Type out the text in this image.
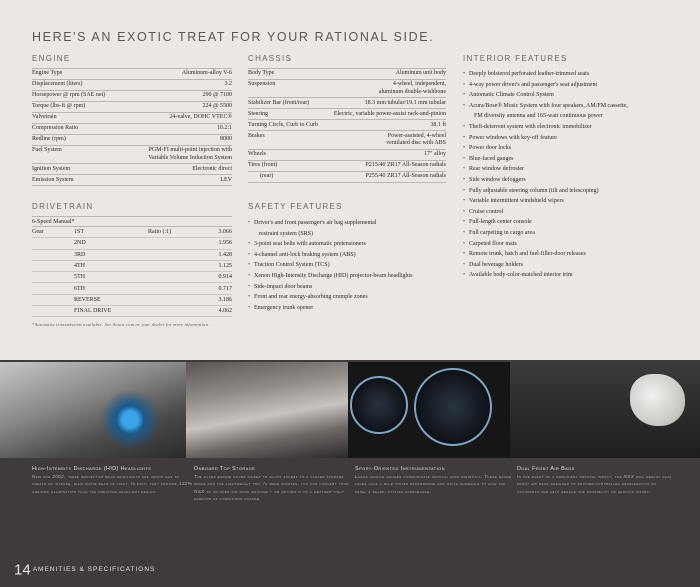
HERE'S AN EXOTIC TREAT FOR YOUR RATIONAL SIDE.
ENGINE
Engine Type	Aluminum-alloy V-6
Displacement (liters)	3.2
Horsepower @ rpm (SAE net)	290 @ 7100
Torque (lbs-ft @ rpm)	224 @ 5500
Valvetrain	24-valve, DOHC VTEC®
Compression Ratio	10.2:1
Redline (rpm)	8000
Fuel System	PGM-FI multi-point injection with
Variable Volume Induction System
Ignition System	Electronic direct
Emission System	LEV
DRIVETRAIN
6-Speed Manual*
Gear	1ST	Ratio (:1)	3.066
2ND	1.956
3RD	1.428
4TH	1.125
5TH	0.914
6TH	0.717
REVERSE	3.186
FINAL DRIVE	4.062
*Automatic transmission available. See Acura.com or your dealer for more information.
CHASSIS
Body Type	Aluminum unit body
Suspension	4-wheel, independent,
aluminum double-wishbone
Stabilizer Bar (front/rear)	18.3 mm tubular/19.1 mm tubular
Steering	Electric, variable power-assist rack-and-pinion
Turning Circle, Curb to Curb	38.1 ft
Brakes	Power-assisted, 4-wheel
ventilated disc with ABS
Wheels	17" alloy
Tires (front)	P215/40 ZR17 All-Season radials
(rear)	P255/40 ZR17 All-Season radials
SAFETY FEATURES
• Driver's and front passenger's air bag supplemental
restraint system (SRS)
• 3-point seat belts with automatic pretensioners
• 4-channel anti-lock braking system (ABS)
• Traction Control System (TCS)
• Xenon High-Intensity Discharge (HID) projector-beam headlights
• Side-impact door beams
• Front and rear energy-absorbing crumple zones
• Emergency trunk opener
INTERIOR FEATURES
• Deeply bolstered perforated leather-trimmed seats
• 4-way power driver's and passenger's seat adjustment
• Automatic Climate Control System
• Acura/Bose® Music System with four speakers, AM/FM cassette,
FM diversity antenna and 165-watt continuous power
• Theft-deterrent system with electronic immobilizer
• Power windows with key-off feature
• Power door locks
• Blue-faced gauges
• Rear window defroster
• Side window defoggers
• Fully adjustable steering column (tilt and telescoping)
• Variable intermittent windshield wipers
• Cruise control
• Full-length center console
• Full carpeting in cargo area
• Carpeted floor mats
• Remote trunk, hatch and fuel-filler-door releases
• Dual beverage holders
• Available body-color-matched interior trim
High-Intensity Discharge (HID) Headlights
New for 2002, these projector-beam headlights use xenon gas to create an intense, blue-white beam of light. In fact, they provide 132% greater illumination than the previous headlight design.
Onboard Top Storage
The glass engine cover raises to allow access to a clever storage space for the lightweight top. In mere minutes, you can convert your NSX to an open-air road machine – or return it to a weather-tight hardtop as conditions change.
Sport-Oriented Instrumentation
Large analog gauges communicate critical data instantly. These gauge faces have a blue-tinted background and white numerals to give the panel a sharp, stylish appearance.
Dual Front Air Bags
In the event of a sufficient frontal impact, the NSX will deploy dual front air bags designed to provide controlled deceleration of occupants and help reduce the possibility of serious injury.
14 AMENITIES & SPECIFICATIONS
